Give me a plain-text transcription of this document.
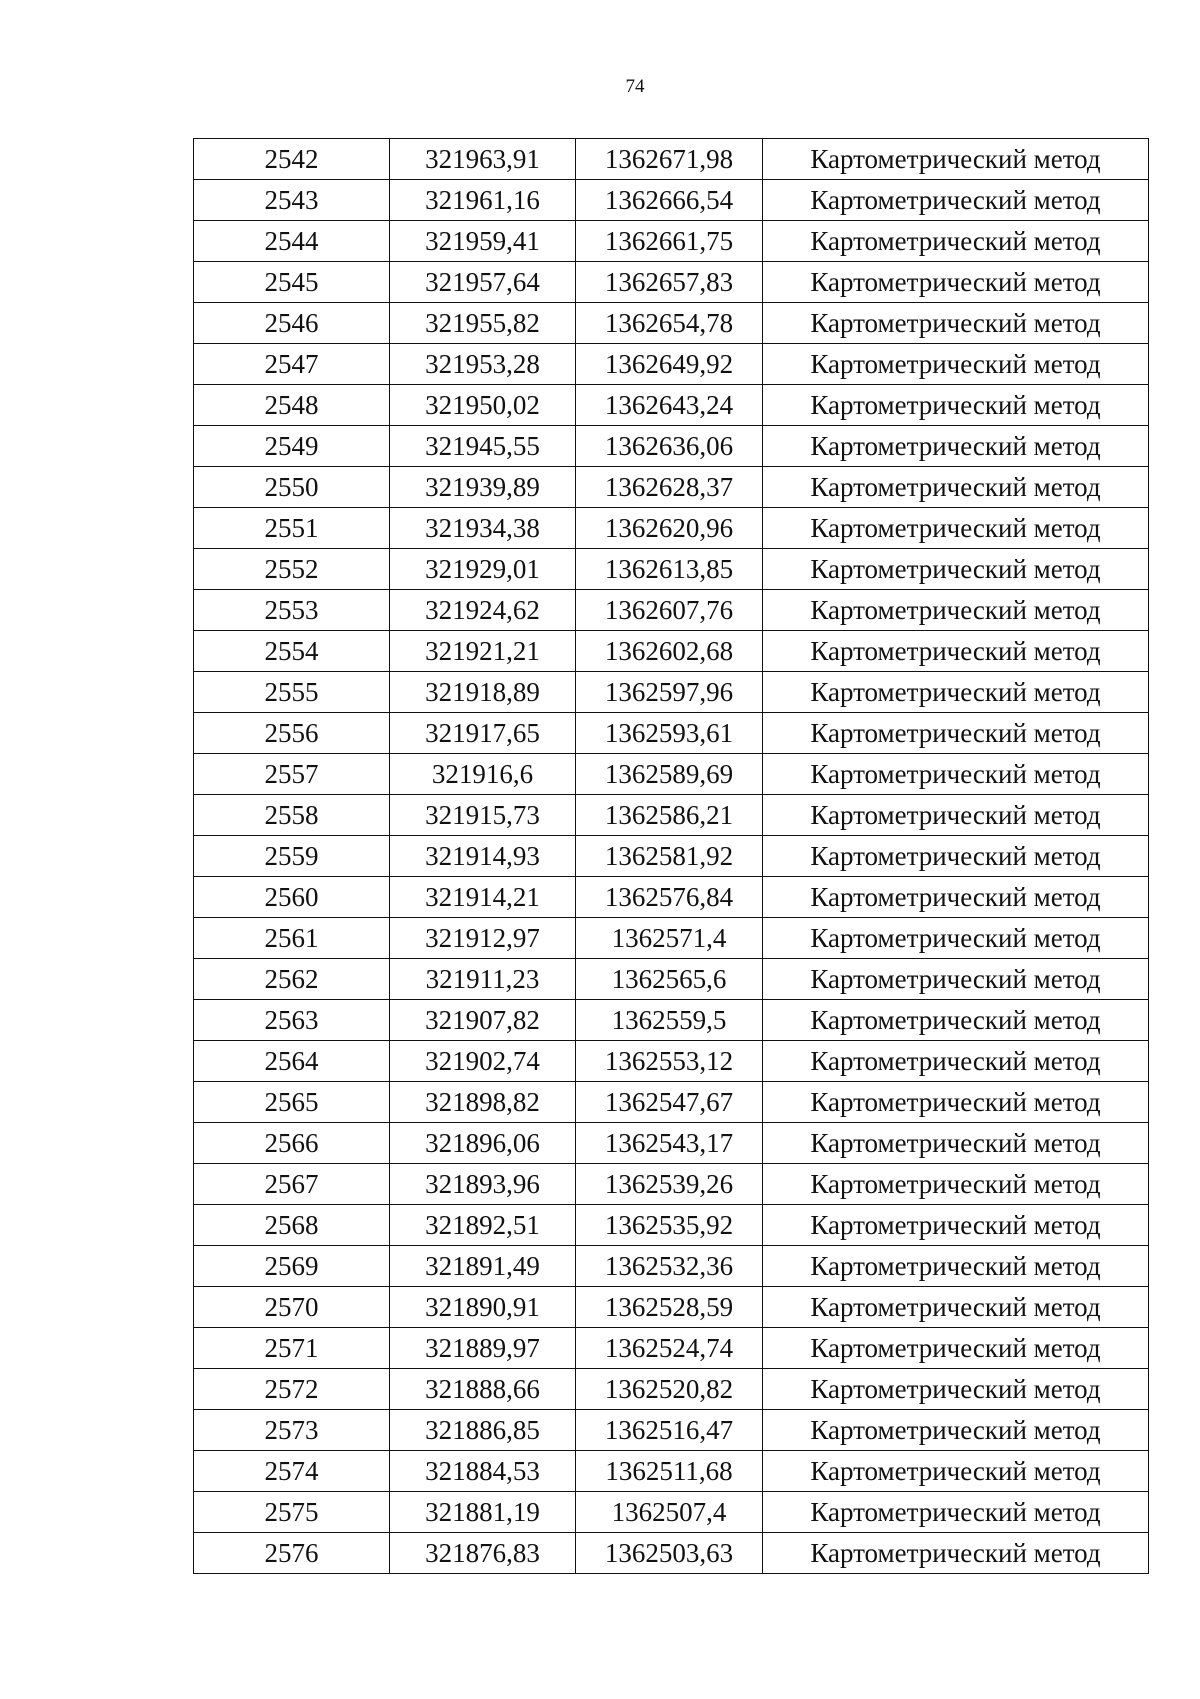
74
2542	321963,91	1362671,98	Картометрический метод
2543	321961,16	1362666,54	Картометрический метод
2544	321959,41	1362661,75	Картометрический метод
2545	321957,64	1362657,83	Картометрический метод
2546	321955,82	1362654,78	Картометрический метод
2547	321953,28	1362649,92	Картометрический метод
2548	321950,02	1362643,24	Картометрический метод
2549	321945,55	1362636,06	Картометрический метод
2550	321939,89	1362628,37	Картометрический метод
2551	321934,38	1362620,96	Картометрический метод
2552	321929,01	1362613,85	Картометрический метод
2553	321924,62	1362607,76	Картометрический метод
2554	321921,21	1362602,68	Картометрический метод
2555	321918,89	1362597,96	Картометрический метод
2556	321917,65	1362593,61	Картометрический метод
2557	321916,6	1362589,69	Картометрический метод
2558	321915,73	1362586,21	Картометрический метод
2559	321914,93	1362581,92	Картометрический метод
2560	321914,21	1362576,84	Картометрический метод
2561	321912,97	1362571,4	Картометрический метод
2562	321911,23	1362565,6	Картометрический метод
2563	321907,82	1362559,5	Картометрический метод
2564	321902,74	1362553,12	Картометрический метод
2565	321898,82	1362547,67	Картометрический метод
2566	321896,06	1362543,17	Картометрический метод
2567	321893,96	1362539,26	Картометрический метод
2568	321892,51	1362535,92	Картометрический метод
2569	321891,49	1362532,36	Картометрический метод
2570	321890,91	1362528,59	Картометрический метод
2571	321889,97	1362524,74	Картометрический метод
2572	321888,66	1362520,82	Картометрический метод
2573	321886,85	1362516,47	Картометрический метод
2574	321884,53	1362511,68	Картометрический метод
2575	321881,19	1362507,4	Картометрический метод
2576	321876,83	1362503,63	Картометрический метод
